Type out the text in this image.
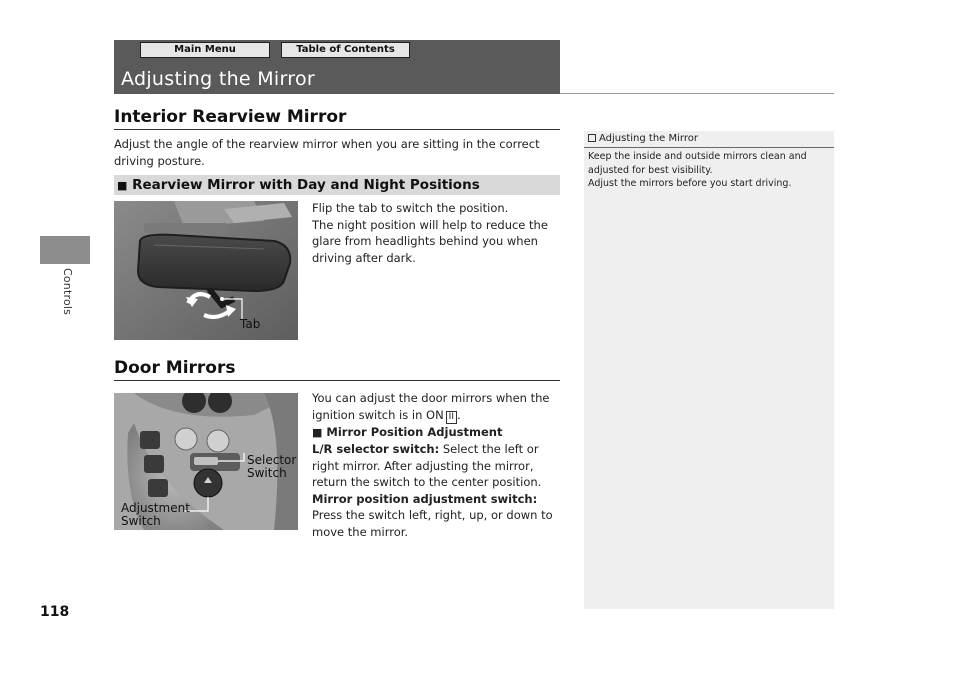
Controls
118
Main Menu	Table of Contents
Adjusting the Mirror
Interior Rearview Mirror
Adjust the angle of the rearview mirror when you are sitting in the correct driving posture.
■ Rearview Mirror with Day and Night Positions
Tab
Flip the tab to switch the position.
The night position will help to reduce the glare from headlights behind you when driving after dark.
Door Mirrors
Selector
Switch
Adjustment
Switch
You can adjust the door mirrors when the ignition switch is in ON II .
■ Mirror Position Adjustment
L/R selector switch: Select the left or right mirror. After adjusting the mirror, return the switch to the center position.
Mirror position adjustment switch: Press the switch left, right, up, or down to move the mirror.
Adjusting the Mirror
Keep the inside and outside mirrors clean and
adjusted for best visibility.
Adjust the mirrors before you start driving.
